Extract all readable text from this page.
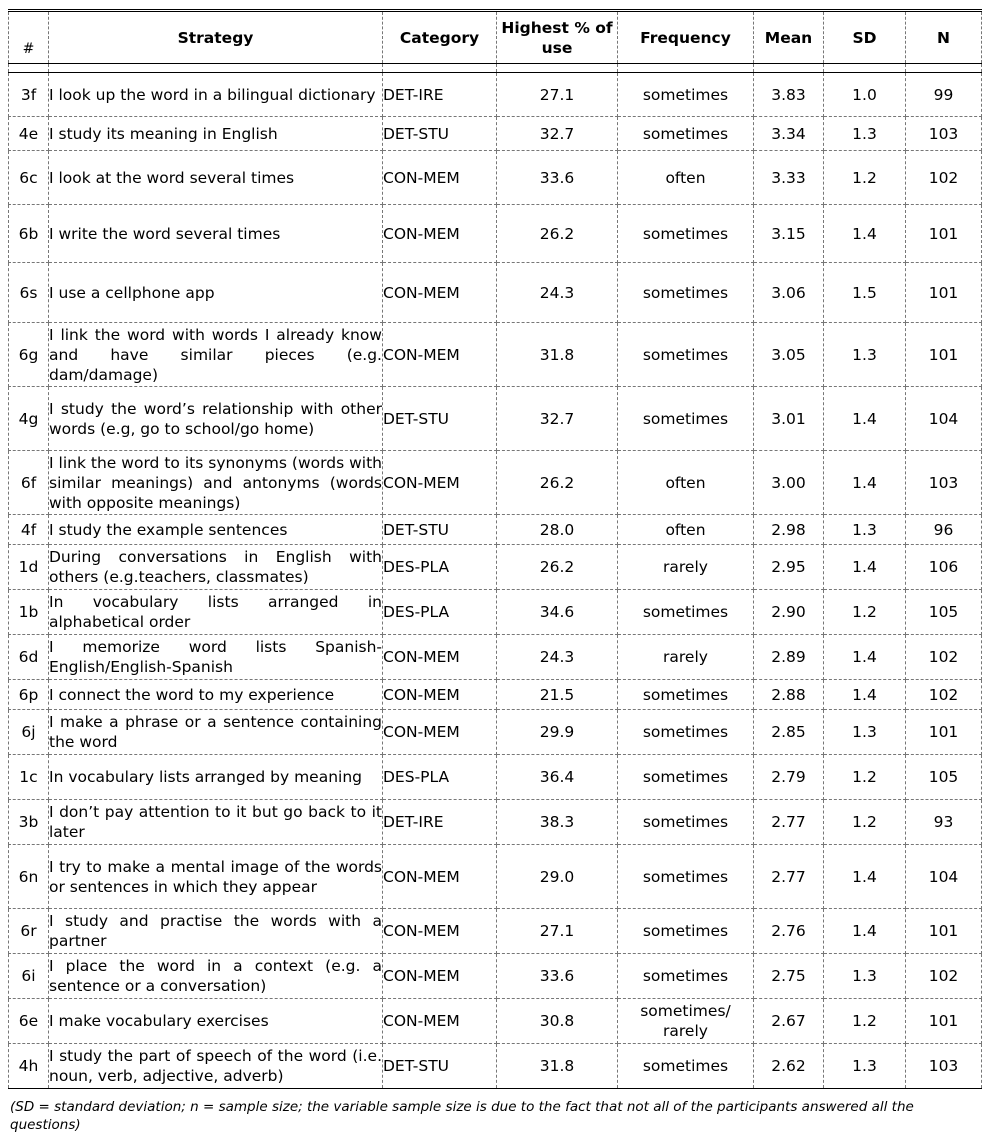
#	Strategy	Category	Highest % of use	Frequency	Mean	SD	N

3f	I look up the word in a bilingual dictionary	DET-IRE	27.1	sometimes	3.83	1.0	99
4e	I study its meaning in English	DET-STU	32.7	sometimes	3.34	1.3	103
6c	I look at the word several times	CON-MEM	33.6	often	3.33	1.2	102
6b	I write the word several times	CON-MEM	26.2	sometimes	3.15	1.4	101
6s	I use a cellphone app	CON-MEM	24.3	sometimes	3.06	1.5	101
6g	I link the word with words I already know and have similar pieces (e.g. dam/damage)	CON-MEM	31.8	sometimes	3.05	1.3	101
4g	I study the word’s relationship with other words (e.g, go to school/go home)	DET-STU	32.7	sometimes	3.01	1.4	104
6f	I link the word to its synonyms (words with similar meanings) and antonyms (words with opposite meanings)	CON-MEM	26.2	often	3.00	1.4	103
4f	I study the example sentences	DET-STU	28.0	often	2.98	1.3	96
1d	During conversations in English with others (e.g.teachers, classmates)	DES-PLA	26.2	rarely	2.95	1.4	106
1b	In vocabulary lists arranged in alphabetical order	DES-PLA	34.6	sometimes	2.90	1.2	105
6d	I memorize word lists Spanish-English/English-Spanish	CON-MEM	24.3	rarely	2.89	1.4	102
6p	I connect the word to my experience	CON-MEM	21.5	sometimes	2.88	1.4	102
6j	I make a phrase or a sentence containing the word	CON-MEM	29.9	sometimes	2.85	1.3	101
1c	In vocabulary lists arranged by meaning	DES-PLA	36.4	sometimes	2.79	1.2	105
3b	I don’t pay attention to it but go back to it later	DET-IRE	38.3	sometimes	2.77	1.2	93
6n	I try to make a mental image of the words or sentences in which they appear	CON-MEM	29.0	sometimes	2.77	1.4	104
6r	I study and practise the words with a partner	CON-MEM	27.1	sometimes	2.76	1.4	101
6i	I place the word in a context (e.g. a sentence or a conversation)	CON-MEM	33.6	sometimes	2.75	1.3	102
6e	I make vocabulary exercises	CON-MEM	30.8	sometimes/ rarely	2.67	1.2	101
4h	I study the part of speech of the word (i.e. noun, verb, adjective, adverb)	DET-STU	31.8	sometimes	2.62	1.3	103
(SD = standard deviation; n = sample size; the variable sample size is due to the fact that not all of the participants answered all the questions)
